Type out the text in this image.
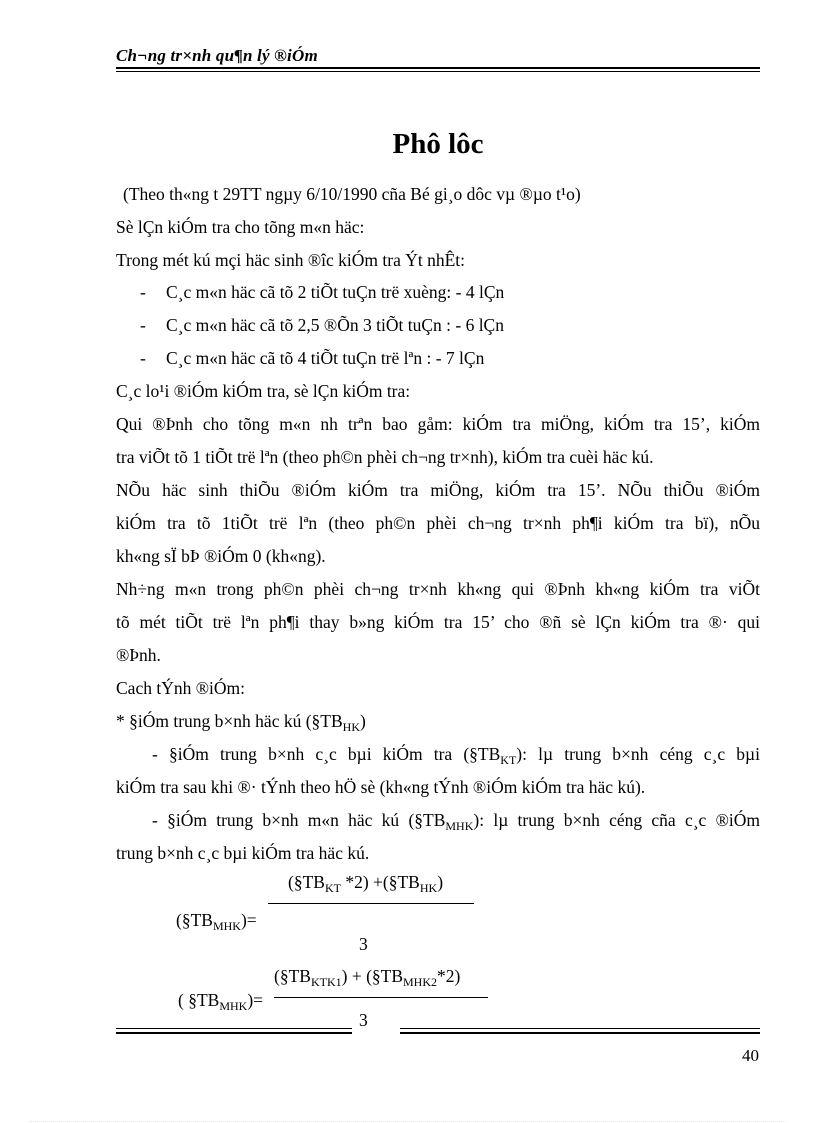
Ch¬ng tr×nh qu¶n lý ®iÓm
Phô lôc
(Theo th«ng t 29TT ngµy 6/10/1990 cña Bé gi¸o dôc vµ ®µo t¹o)
Sè lÇn kiÓm tra cho tõng m«n häc:
Trong mét kú mçi häc sinh ®îc kiÓm tra Ýt nhÊt:
- C¸c m«n häc cã tõ 2 tiÕt tuÇn trë xuèng: - 4 lÇn
- C¸c m«n häc cã tõ 2,5 ®Õn 3 tiÕt tuÇn : - 6 lÇn
- C¸c m«n häc cã tõ 4 tiÕt tuÇn trë lªn : - 7 lÇn
C¸c lo¹i ®iÓm kiÓm tra, sè lÇn kiÓm tra:
Qui ®Þnh cho tõng m«n nh trªn bao gåm: kiÓm tra miÖng, kiÓm tra 15’, kiÓm
tra viÕt tõ 1 tiÕt trë lªn (theo ph©n phèi ch¬ng tr×nh), kiÓm tra cuèi häc kú.
NÕu häc sinh thiÕu ®iÓm kiÓm tra miÖng, kiÓm tra 15’. NÕu thiÕu ®iÓm
kiÓm tra tõ 1tiÕt trë lªn (theo ph©n phèi ch¬ng tr×nh ph¶i kiÓm tra bï), nÕu
kh«ng sÏ bÞ ®iÓm 0 (kh«ng).
Nh÷ng m«n trong ph©n phèi ch¬ng tr×nh kh«ng qui ®Þnh kh«ng kiÓm tra viÕt
tõ mét tiÕt trë lªn ph¶i thay b»ng kiÓm tra 15’ cho ®ñ sè lÇn kiÓm tra ®· qui
®Þnh.
Cach tÝnh ®iÓm:
* §iÓm trung b×nh häc kú $(\S TB_{HK})$
- §iÓm trung b×nh c¸c bµi kiÓm tra $(\S TB_{KT})$: lµ trung b×nh céng c¸c bµi
kiÓm tra sau khi ®· tÝnh theo hÖ sè (kh«ng tÝnh ®iÓm kiÓm tra häc kú).
- §iÓm trung b×nh m«n häc kú $(\S TB_{MHK})$: lµ trung b×nh céng cña c¸c ®iÓm
trung b×nh c¸c bµi kiÓm tra häc kú.
($\S TB_{KT}$ $*2) +(\S TB_{HK})$
$(\S TB_{MHK})=$
3
$(\S TB_{KTK1})$ + $(\S TB_{MHK2}*2)$
( $\S TB_{MHK})=$
3
40
